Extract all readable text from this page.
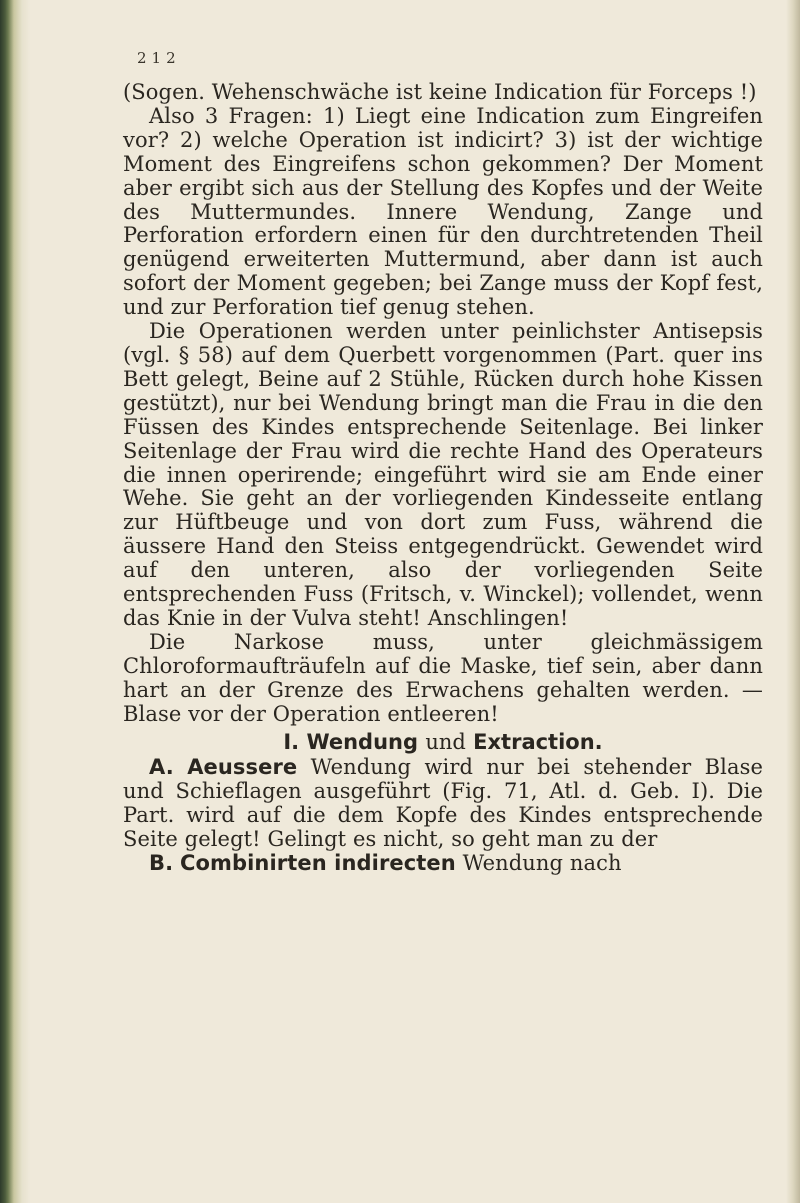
212

(Sogen. Wehenschwäche ist keine Indication für Forceps !)

Also 3 Fragen: 1) Liegt eine Indication zum Eingreifen vor? 2) welche Operation ist indicirt? 3) ist der wichtige Moment des Eingreifens schon gekommen? Der Moment aber ergibt sich aus der Stellung des Kopfes und der Weite des Muttermundes. Innere Wendung, Zange und Perforation erfordern einen für den durchtretenden Theil genügend erweiterten Muttermund, aber dann ist auch sofort der Moment gegeben; bei Zange muss der Kopf fest, und zur Perforation tief genug stehen.

Die Operationen werden unter peinlichster Antisepsis (vgl. § 58) auf dem Querbett vorgenommen (Part. quer ins Bett gelegt, Beine auf 2 Stühle, Rücken durch hohe Kissen gestützt), nur bei Wendung bringt man die Frau in die den Füssen des Kindes entsprechende Seitenlage. Bei linker Seitenlage der Frau wird die rechte Hand des Operateurs die innen operirende; eingeführt wird sie am Ende einer Wehe. Sie geht an der vorliegenden Kindesseite entlang zur Hüftbeuge und von dort zum Fuss, während die äussere Hand den Steiss entgegendrückt. Gewendet wird auf den unteren, also der vorliegenden Seite entsprechenden Fuss (Fritsch, v. Winckel); vollendet, wenn das Knie in der Vulva steht! Anschlingen!

Die Narkose muss, unter gleichmässigem Chloroformaufträufeln auf die Maske, tief sein, aber dann hart an der Grenze des Erwachens gehalten werden. — Blase vor der Operation entleeren!

I. Wendung und Extraction.

A. Aeussere Wendung wird nur bei stehender Blase und Schieflagen ausgeführt (Fig. 71, Atl. d. Geb. I). Die Part. wird auf die dem Kopfe des Kindes entsprechende Seite gelegt! Gelingt es nicht, so geht man zu der

B. Combinirten indirecten Wendung nach
